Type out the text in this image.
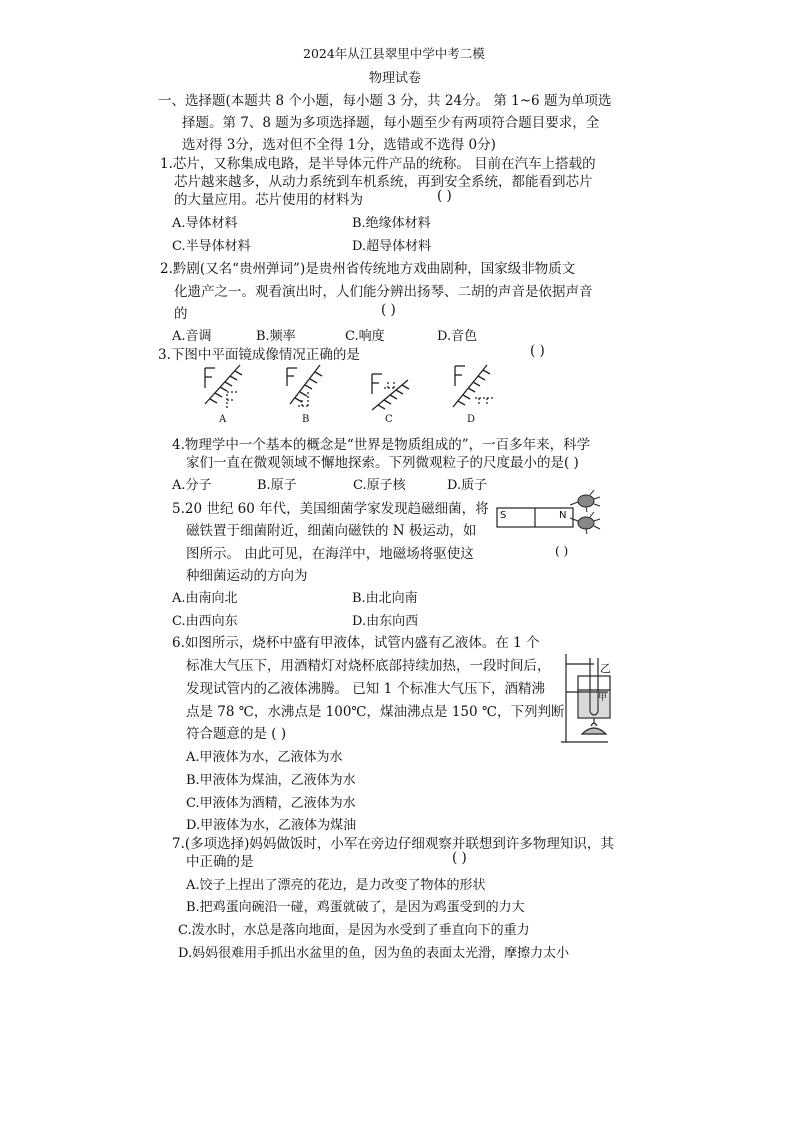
2024年从江县翠里中学中考二模
物理试卷
一、选择题(本题共 8 个小题，每小题 3 分，共 24分。 第 1~6 题为单项选
择题。第 7、8 题为多项选择题，每小题至少有两项符合题目要求，全
选对得 3分，选对但不全得 1分，选错或不选得 0分)
1.芯片，又称集成电路，是半导体元件产品的统称。 目前在汽车上搭载的
芯片越来越多，从动力系统到车机系统，再到安全系统，都能看到芯片
的大量应用。芯片使用的材料为	( )
A.导体材料	B.绝缘体材料
C.半导体材料	D.超导体材料
2.黔剧(又名“贵州弹词”)是贵州省传统地方戏曲剧种，国家级非物质文
化遗产之一。观看演出时，人们能分辨出扬琴、二胡的声音是依据声音
的	( )
A.音调	B.频率	C.响度	D.音色
3.下图中平面镜成像情况正确的是	( )
A	B	C	D
4.物理学中一个基本的概念是“世界是物质组成的”，一百多年来，科学
家们一直在微观领域不懈地探索。下列微观粒子的尺度最小的是( )
A.分子	B.原子	C.原子核	D.质子
5.20 世纪 60 年代，美国细菌学家发现趋磁细菌，将
磁铁置于细菌附近，细菌向磁铁的 N 极运动，如
图所示。 由此可见，在海洋中，地磁场将驱使这
种细菌运动的方向为
( )
S	N
A.由南向北	B.由北向南
C.由西向东	D.由东向西
6.如图所示，烧杯中盛有甲液体，试管内盛有乙液体。在 1 个
标准大气压下，用酒精灯对烧杯底部持续加热，一段时间后，
发现试管内的乙液体沸腾。 已知 1 个标准大气压下，酒精沸
点是 78 ℃，水沸点是 100℃，煤油沸点是 150 ℃，下列判断
符合题意的是 ( )
乙
甲
A.甲液体为水，乙液体为水
B.甲液体为煤油，乙液体为水
C.甲液体为酒精，乙液体为水
D.甲液体为水，乙液体为煤油
7.(多项选择)妈妈做饭时，小军在旁边仔细观察并联想到许多物理知识，其
中正确的是	( )
A.饺子上捏出了漂亮的花边，是力改变了物体的形状
B.把鸡蛋向碗沿一碰，鸡蛋就破了，是因为鸡蛋受到的力大
C.泼水时，水总是落向地面，是因为水受到了垂直向下的重力
D.妈妈很难用手抓出水盆里的鱼，因为鱼的表面太光滑，摩擦力太小
